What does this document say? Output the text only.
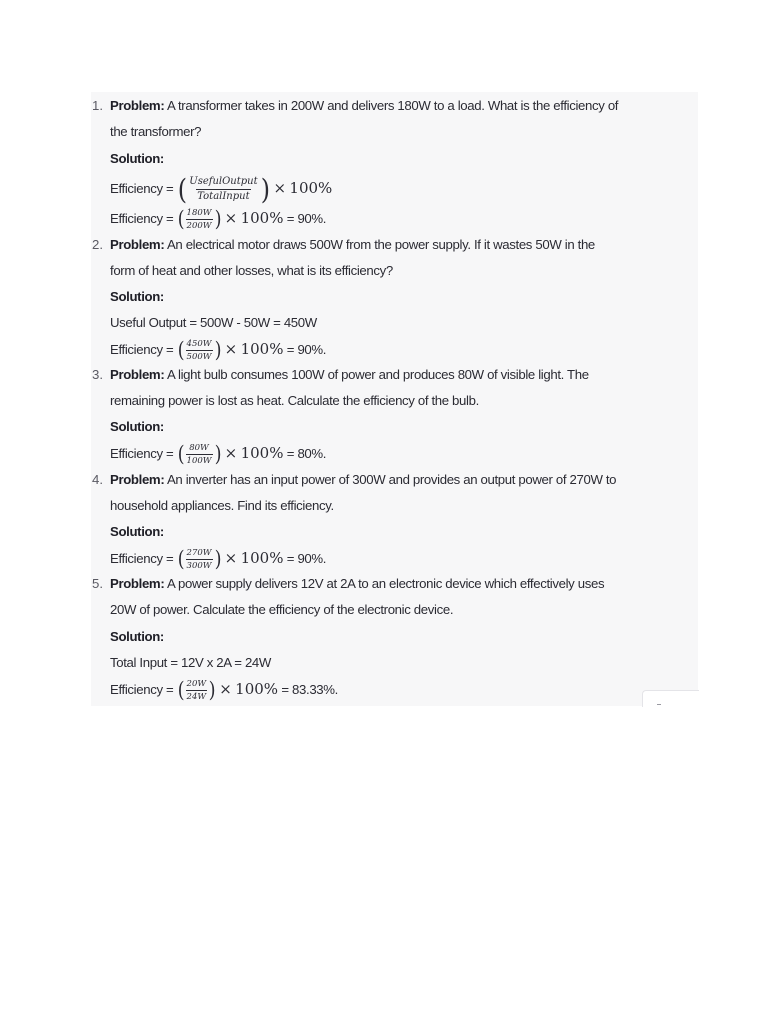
1. Problem: A transformer takes in 200W and delivers 180W to a load. What is the efficiency of
the transformer?
Solution:
Efficiency = ( $\frac{\text{UsefulOutput}}{\text{TotalInput}}$ ) × 100%
Efficiency = ( $\frac{180W}{200W}$ ) × 100% = 90%.
2. Problem: An electrical motor draws 500W from the power supply. If it wastes 50W in the
form of heat and other losses, what is its efficiency?
Solution:
Useful Output = 500W - 50W = 450W
Efficiency = ( $\frac{450W}{500W}$ ) × 100% = 90%.
3. Problem: A light bulb consumes 100W of power and produces 80W of visible light. The
remaining power is lost as heat. Calculate the efficiency of the bulb.
Solution:
Efficiency = ( $\frac{80W}{100W}$ ) × 100% = 80%.
4. Problem: An inverter has an input power of 300W and provides an output power of 270W to
household appliances. Find its efficiency.
Solution:
Efficiency = ( $\frac{270W}{300W}$ ) × 100% = 90%.
5. Problem: A power supply delivers 12V at 2A to an electronic device which effectively uses
20W of power. Calculate the efficiency of the electronic device.
Solution:
Total Input = 12V x 2A = 24W
Efficiency = ( $\frac{20W}{24W}$ ) × 100% = 83.33%.
